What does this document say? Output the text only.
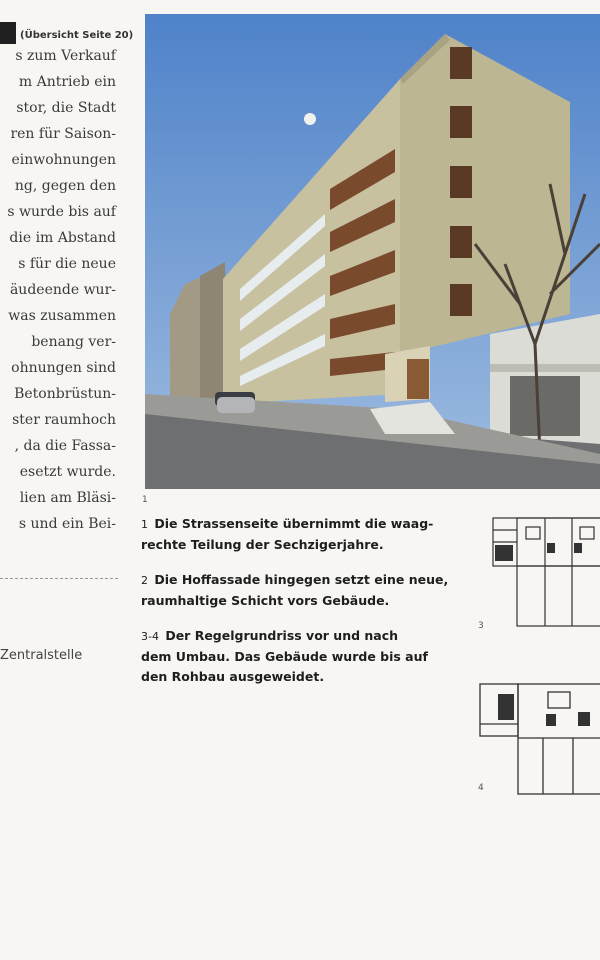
(Übersicht Seite 20)
s zum Verkauf
m Antrieb ein
stor, die Stadt
ren für Saison-
einwohnungen
ng, gegen den
s wurde bis auf
die im Abstand
s für die neue
äudeende wur-
was zusammen
benang ver-
ohnungen sind
Betonbrüstun-
ster raumhoch
, da die Fassa-
esetzt wurde.
lien am Bläsi-
s und ein Bei-
Zentralstelle
1
1 Die Strassenseite übernimmt die waag-
rechte Teilung der Sechzigerjahre.
2 Die Hoffassade hingegen setzt eine neue,
raumhaltige Schicht vors Gebäude.
3-4 Der Regelgrundriss vor und nach
dem Umbau. Das Gebäude wurde bis auf
den Rohbau ausgeweidet.
3
4
